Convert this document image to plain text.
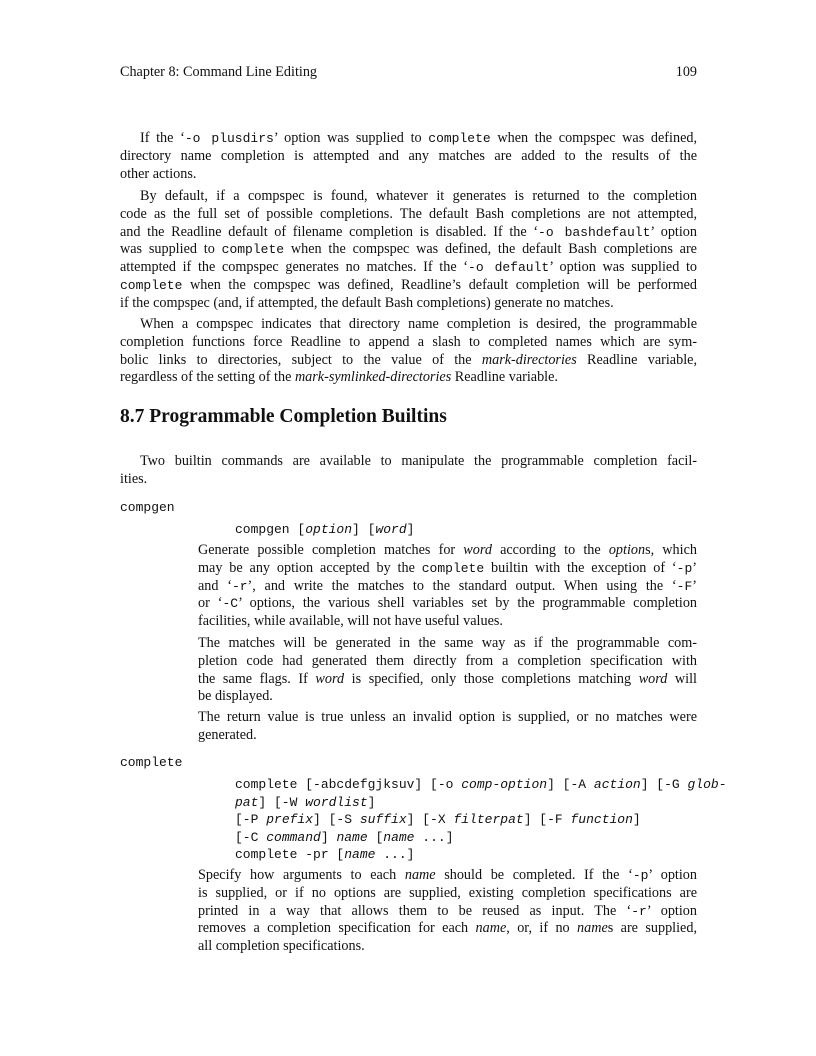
Chapter 8: Command Line Editing	109
If the ‘-o plusdirs’ option was supplied to complete when the compspec was defined,
directory name completion is attempted and any matches are added to the results of the
other actions.
By default, if a compspec is found, whatever it generates is returned to the completion
code as the full set of possible completions. The default Bash completions are not attempted,
and the Readline default of filename completion is disabled. If the ‘-o bashdefault’ option
was supplied to complete when the compspec was defined, the default Bash completions are
attempted if the compspec generates no matches. If the ‘-o default’ option was supplied to
complete when the compspec was defined, Readline’s default completion will be performed
if the compspec (and, if attempted, the default Bash completions) generate no matches.
When a compspec indicates that directory name completion is desired, the programmable
completion functions force Readline to append a slash to completed names which are sym-
bolic links to directories, subject to the value of the mark-directories Readline variable,
regardless of the setting of the mark-symlinked-directories Readline variable.
8.7 Programmable Completion Builtins
Two builtin commands are available to manipulate the programmable completion facil-
ities.
compgen
compgen [option] [word]
Generate possible completion matches for word according to the options, which
may be any option accepted by the complete builtin with the exception of ‘-p’
and ‘-r’, and write the matches to the standard output. When using the ‘-F’
or ‘-C’ options, the various shell variables set by the programmable completion
facilities, while available, will not have useful values.
The matches will be generated in the same way as if the programmable com-
pletion code had generated them directly from a completion specification with
the same flags. If word is specified, only those completions matching word will
be displayed.
The return value is true unless an invalid option is supplied, or no matches were
generated.
complete
complete [-abcdefgjksuv] [-o comp-option] [-A action] [-G glob-
pat] [-W wordlist]
[-P prefix] [-S suffix] [-X filterpat] [-F function]
[-C command] name [name ...]
complete -pr [name ...]
Specify how arguments to each name should be completed. If the ‘-p’ option
is supplied, or if no options are supplied, existing completion specifications are
printed in a way that allows them to be reused as input. The ‘-r’ option
removes a completion specification for each name, or, if no names are supplied,
all completion specifications.
